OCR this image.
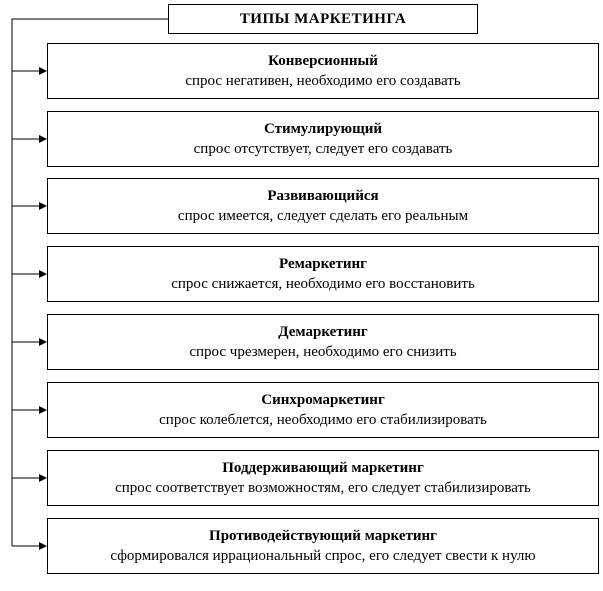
ТИПЫ МАРКЕТИНГА
Конверсионный
спрос негативен, необходимо его создавать
Стимулирующий
спрос отсутствует, следует его создавать
Развивающийся
спрос имеется, следует сделать его реальным
Ремаркетинг
спрос снижается, необходимо его восстановить
Демаркетинг
спрос чрезмерен, необходимо его снизить
Синхромаркетинг
спрос колеблется, необходимо его стабилизировать
Поддерживающий маркетинг
спрос соответствует возможностям, его следует стабилизировать
Противодействующий маркетинг
сформировался иррациональный спрос, его следует свести к нулю
